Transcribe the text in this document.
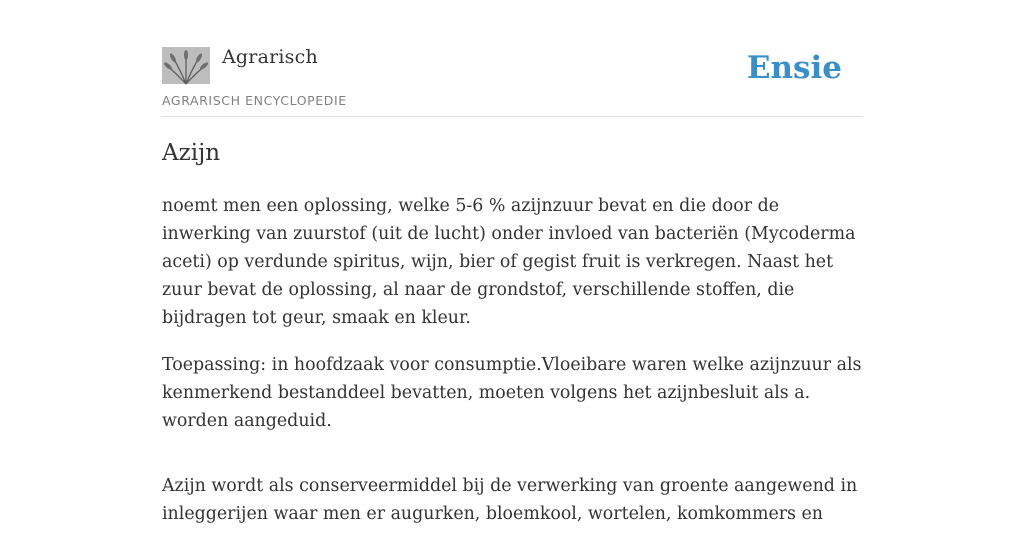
Agrarisch
AGRARISCH ENCYCLOPEDIE
Ensie
Azijn

noemt men een oplossing, welke 5-6 % azijnzuur bevat en die door de inwerking van zuurstof (uit de lucht) onder invloed van bacteriën (Mycoderma aceti) op verdunde spiritus, wijn, bier of gegist fruit is verkregen. Naast het zuur bevat de oplossing, al naar de grondstof, verschillende stoffen, die bijdragen tot geur, smaak en kleur.

Toepassing: in hoofdzaak voor consumptie.Vloeibare waren welke azijnzuur als kenmerkend bestanddeel bevatten, moeten volgens het azijnbesluit als a. worden aangeduid.

Azijn wordt als conserveermiddel bij de verwerking van groente aangewend in inleggerijen waar men er augurken, bloemkool, wortelen, komkommers en
